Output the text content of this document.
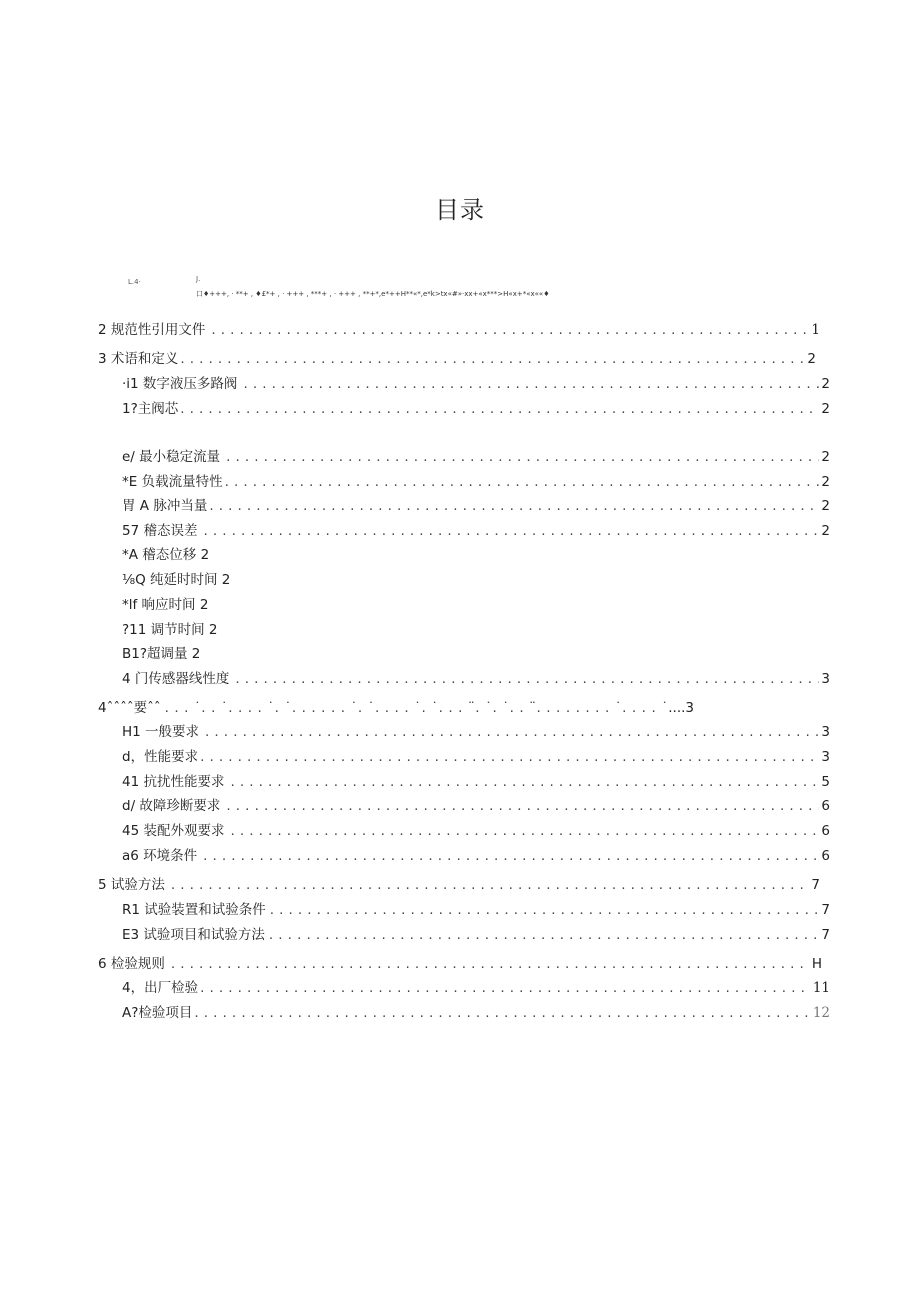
目录
L.4·	J.
口♦+++, · **+ , ♦£*+ , · +++ , ***+ , · +++ , **+*,e*++H**«*,e*k>tx«#»·xx+«x***>H«x+*«x««♦
2 规范性引用文件 . . .	1
3 术语和定义 . . .	2
·i1 数字液压多路阀 . . .	2
1?主阀芯 . . .	2
e∕ 最小稳定流量 . . .	2
*E 负载流量特性 . . .	2
胃 A 脉冲当量 . . .	2
57 稽态误差 . . .	2
*A 稽态位移 2
⅛Q 纯延时时间 2
*lf 响应时间 2
?11 调节时间 2
B1?超调量 2
4 门传感器线性度 . . .	3
4ˆˆˆˆ要ˆˆ . . . ˙. . ˙. . . . ˙. ˙. . . . . . ˙. ˙. . . . ˙. ˙. . . ¨. ˙. ˙. . ¨. . . . . . . . ˙. . . . ˙. . . . . . . .	....3
H1 一般要求 . . .	3
d，性能要求 . . .	3
41 抗扰性能要求 . . .	5
d∕ 故障珍断要求 . . .	6
45 装配外观要求 . . .	6
a6 环境条件 . . .	6
5 试验方法 . . .	7
R1 试验装置和试验条件 . . .	7
E3 试验项目和试验方法 . . .	7
6 检验规则 . . .	H
4，出厂检验 . . .	11
A?检验项目 . . .	12
